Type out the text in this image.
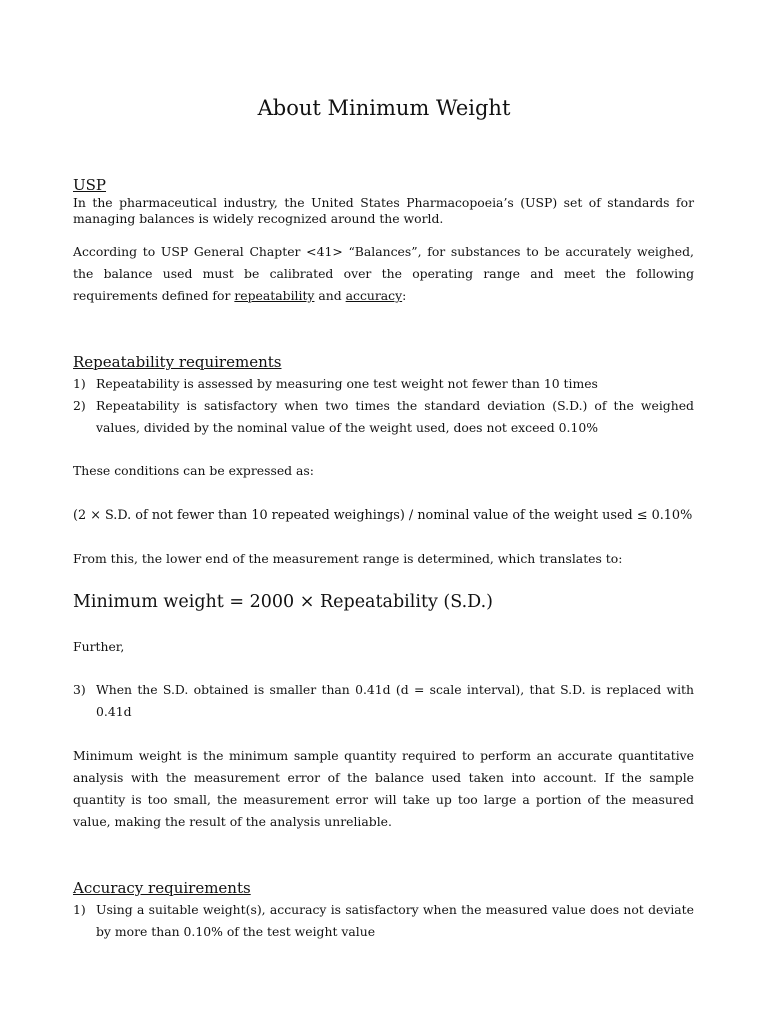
About Minimum Weight
USP

In the pharmaceutical industry, the United States Pharmacopoeia’s (USP) set of standards for managing balances is widely recognized around the world.

According to USP General Chapter <41> “Balances”, for substances to be accurately weighed, the balance used must be calibrated over the operating range and meet the following requirements defined for repeatability and accuracy:

Repeatability requirements
1) Repeatability is assessed by measuring one test weight not fewer than 10 times
2) Repeatability is satisfactory when two times the standard deviation (S.D.) of the weighed values, divided by the nominal value of the weight used, does not exceed 0.10%

These conditions can be expressed as:

(2 × S.D. of not fewer than 10 repeated weighings) / nominal value of the weight used ≤ 0.10%

From this, the lower end of the measurement range is determined, which translates to:

Minimum weight = 2000 × Repeatability (S.D.)

Further,

3) When the S.D. obtained is smaller than 0.41d (d = scale interval), that S.D. is replaced with 0.41d

Minimum weight is the minimum sample quantity required to perform an accurate quantitative analysis with the measurement error of the balance used taken into account. If the sample quantity is too small, the measurement error will take up too large a portion of the measured value, making the result of the analysis unreliable.

Accuracy requirements
1) Using a suitable weight(s), accuracy is satisfactory when the measured value does not deviate by more than 0.10% of the test weight value
